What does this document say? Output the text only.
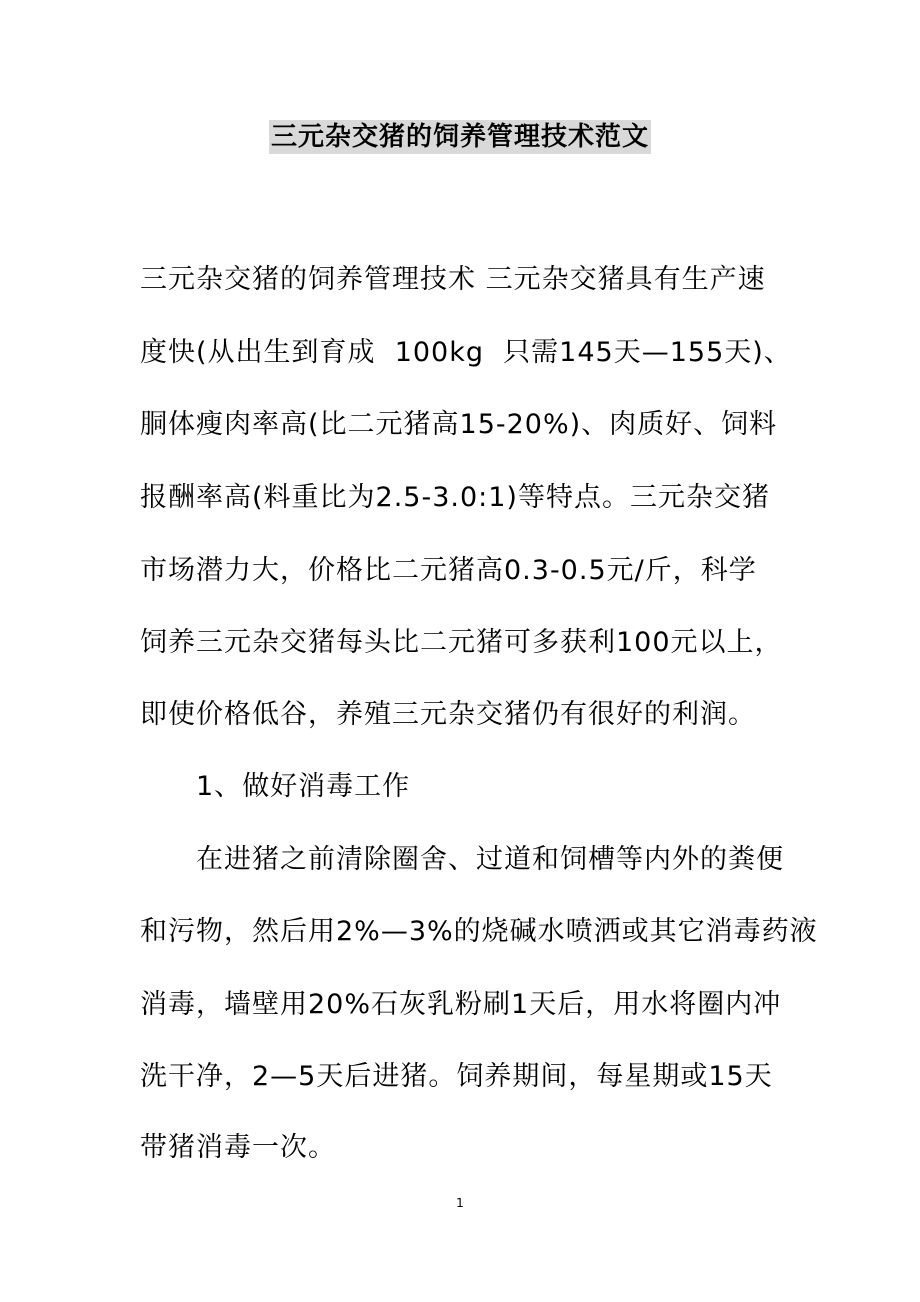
三元杂交猪的饲养管理技术范文
三元杂交猪的饲养管理技术 三元杂交猪具有生产速
度快(从出生到育成  100kg  只需145天—155天)、
胴体瘦肉率高(比二元猪高15-20%)、肉质好、饲料
报酬率高(料重比为2.5-3.0:1)等特点。三元杂交猪
市场潜力大，价格比二元猪高0.3-0.5元/斤，科学
饲养三元杂交猪每头比二元猪可多获利100元以上，
即使价格低谷，养殖三元杂交猪仍有很好的利润。
1、做好消毒工作
在进猪之前清除圈舍、过道和饲槽等内外的粪便
和污物，然后用2%—3%的烧碱水喷洒或其它消毒药液
消毒，墙壁用20%石灰乳粉刷1天后，用水将圈内冲
洗干净，2—5天后进猪。饲养期间，每星期或15天
带猪消毒一次。
1
